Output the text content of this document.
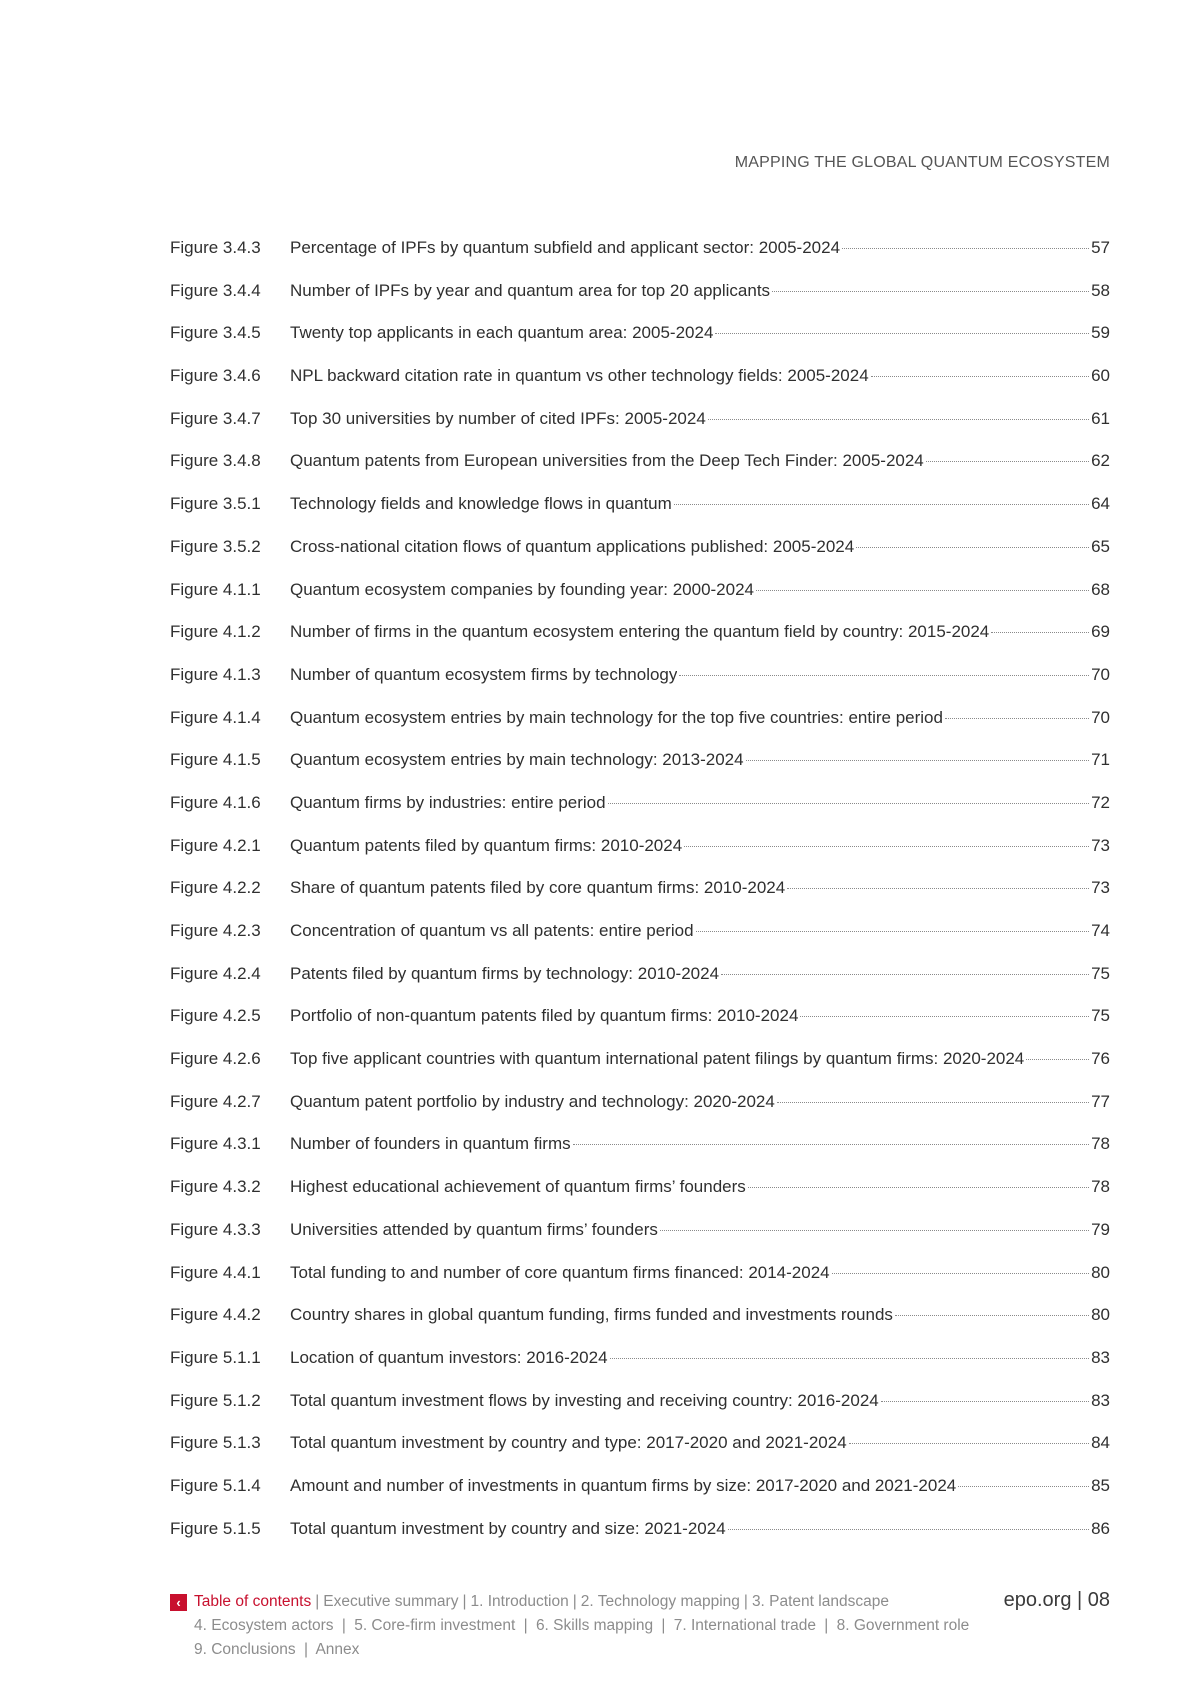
MAPPING THE GLOBAL QUANTUM ECOSYSTEM
Figure 3.4.3	Percentage of IPFs by quantum subfield and applicant sector: 2005-2024	57
Figure 3.4.4	Number of IPFs by year and quantum area for top 20 applicants	58
Figure 3.4.5	Twenty top applicants in each quantum area: 2005-2024	59
Figure 3.4.6	NPL backward citation rate in quantum vs other technology fields: 2005-2024	60
Figure 3.4.7	Top 30 universities by number of cited IPFs: 2005-2024	61
Figure 3.4.8	Quantum patents from European universities from the Deep Tech Finder: 2005-2024	62
Figure 3.5.1	Technology fields and knowledge flows in quantum	64
Figure 3.5.2	Cross-national citation flows of quantum applications published: 2005-2024	65
Figure 4.1.1	Quantum ecosystem companies by founding year: 2000-2024	68
Figure 4.1.2	Number of firms in the quantum ecosystem entering the quantum field by country: 2015-2024	69
Figure 4.1.3	Number of quantum ecosystem firms by technology	70
Figure 4.1.4	Quantum ecosystem entries by main technology for the top five countries: entire period	70
Figure 4.1.5	Quantum ecosystem entries by main technology: 2013-2024	71
Figure 4.1.6	Quantum firms by industries: entire period	72
Figure 4.2.1	Quantum patents filed by quantum firms: 2010-2024	73
Figure 4.2.2	Share of quantum patents filed by core quantum firms: 2010-2024	73
Figure 4.2.3	Concentration of quantum vs all patents: entire period	74
Figure 4.2.4	Patents filed by quantum firms by technology: 2010-2024	75
Figure 4.2.5	Portfolio of non-quantum patents filed by quantum firms: 2010-2024	75
Figure 4.2.6	Top five applicant countries with quantum international patent filings by quantum firms: 2020-2024	76
Figure 4.2.7	Quantum patent portfolio by industry and technology: 2020-2024	77
Figure 4.3.1	Number of founders in quantum firms	78
Figure 4.3.2	Highest educational achievement of quantum firms’ founders	78
Figure 4.3.3	Universities attended by quantum firms’ founders	79
Figure 4.4.1	Total funding to and number of core quantum firms financed: 2014-2024	80
Figure 4.4.2	Country shares in global quantum funding, firms funded and investments rounds	80
Figure 5.1.1	Location of quantum investors: 2016-2024	83
Figure 5.1.2	Total quantum investment flows by investing and receiving country: 2016-2024	83
Figure 5.1.3	Total quantum investment by country and type: 2017-2020 and 2021-2024	84
Figure 5.1.4	Amount and number of investments in quantum firms by size: 2017-2020 and 2021-2024	85
Figure 5.1.5	Total quantum investment by country and size: 2021-2024	86
‹ Table of contents | Executive summary | 1. Introduction | 2. Technology mapping | 3. Patent landscape
4. Ecosystem actors | 5. Core-firm investment | 6. Skills mapping | 7. International trade | 8. Government role
9. Conclusions | Annex
epo.org | 08
